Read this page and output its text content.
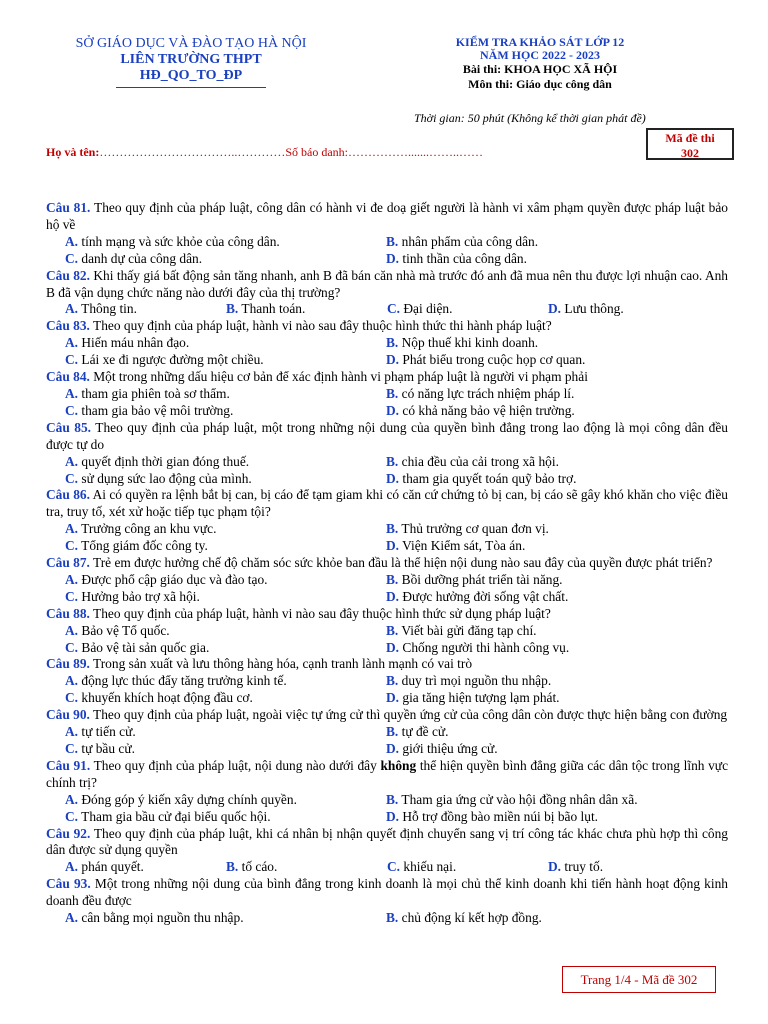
SỞ GIÁO DỤC VÀ ĐÀO TẠO HÀ NỘI
LIÊN TRƯỜNG THPT
HĐ_QO_TO_ĐP
KIỂM TRA KHẢO SÁT LỚP 12
NĂM HỌC 2022 - 2023
Bài thi: KHOA HỌC XÃ HỘI
Môn thi: Giáo dục công dân
Thời gian: 50 phút (Không kể thời gian phát đề)
Mã đề thi
302
Họ và tên:……………………………..…………Số báo danh:…………….......……..……
Câu 81. Theo quy định của pháp luật, công dân có hành vi đe doạ giết người là hành vi xâm phạm quyền được pháp luật bảo hộ về
A. tính mạng và sức khỏe của công dân.	B. nhân phẩm của công dân.
C. danh dự của công dân.	D. tinh thần của công dân.
Câu 82. Khi thấy giá bất động sản tăng nhanh, anh B đã bán căn nhà mà trước đó anh đã mua nên thu được lợi nhuận cao. Anh B đã vận dụng chức năng nào dưới đây của thị trường?
A. Thông tin.	B. Thanh toán.	C. Đại diện.	D. Lưu thông.
Câu 83. Theo quy định của pháp luật, hành vi nào sau đây thuộc hình thức thi hành pháp luật?
A. Hiến máu nhân đạo.	B. Nộp thuế khi kinh doanh.
C. Lái xe đi ngược đường một chiều.	D. Phát biểu trong cuộc họp cơ quan.
Câu 84. Một trong những dấu hiệu cơ bản để xác định hành vi phạm pháp luật là người vi phạm phải
A. tham gia phiên toà sơ thẩm.	B. có năng lực trách nhiệm pháp lí.
C. tham gia bảo vệ môi trường.	D. có khả năng bảo vệ hiện trường.
Câu 85. Theo quy định của pháp luật, một trong những nội dung của quyền bình đẳng trong lao động là mọi công dân đều được tự do
A. quyết định thời gian đóng thuế.	B. chia đều của cải trong xã hội.
C. sử dụng sức lao động của mình.	D. tham gia quyết toán quỹ bảo trợ.
Câu 86. Ai có quyền ra lệnh bắt bị can, bị cáo để tạm giam khi có căn cứ chứng tỏ bị can, bị cáo sẽ gây khó khăn cho việc điều tra, truy tố, xét xử hoặc tiếp tục phạm tội?
A. Trưởng công an khu vực.	B. Thủ trưởng cơ quan đơn vị.
C. Tổng giám đốc công ty.	D. Viện Kiểm sát, Tòa án.
Câu 87. Trẻ em được hưởng chế độ chăm sóc sức khỏe ban đầu là thể hiện nội dung nào sau đây của quyền được phát triển?
A. Được phổ cập giáo dục và đào tạo.	B. Bồi dưỡng phát triển tài năng.
C. Hưởng bảo trợ xã hội.	D. Được hưởng đời sống vật chất.
Câu 88. Theo quy định của pháp luật, hành vi nào sau đây thuộc hình thức sử dụng pháp luật?
A. Bảo vệ Tổ quốc.	B. Viết bài gửi đăng tạp chí.
C. Bảo vệ tài sản quốc gia.	D. Chống người thi hành công vụ.
Câu 89. Trong sản xuất và lưu thông hàng hóa, cạnh tranh lành mạnh có vai trò
A. động lực thúc đẩy tăng trưởng kinh tế.	B. duy trì mọi nguồn thu nhập.
C. khuyến khích hoạt động đầu cơ.	D. gia tăng hiện tượng lạm phát.
Câu 90. Theo quy định của pháp luật, ngoài việc tự ứng cử thì quyền ứng cử của công dân còn được thực hiện bằng con đường
A. tự tiến cử.	B. tự đề cử.
C. tự bầu cử.	D. giới thiệu ứng cử.
Câu 91. Theo quy định của pháp luật, nội dung nào dưới đây không thể hiện quyền bình đẳng giữa các dân tộc trong lĩnh vực chính trị?
A. Đóng góp ý kiến xây dựng chính quyền.	B. Tham gia ứng cử vào hội đồng nhân dân xã.
C. Tham gia bầu cử đại biểu quốc hội.	D. Hỗ trợ đồng bào miền núi bị bão lụt.
Câu 92. Theo quy định của pháp luật, khi cá nhân bị nhận quyết định chuyển sang vị trí công tác khác chưa phù hợp thì công dân được sử dụng quyền
A. phán quyết.	B. tố cáo.	C. khiếu nại.	D. truy tố.
Câu 93. Một trong những nội dung của bình đẳng trong kinh doanh là mọi chủ thể kinh doanh khi tiến hành hoạt động kinh doanh đều được
A. cân bằng mọi nguồn thu nhập.	B. chủ động kí kết hợp đồng.
Trang 1/4 - Mã đề 302
